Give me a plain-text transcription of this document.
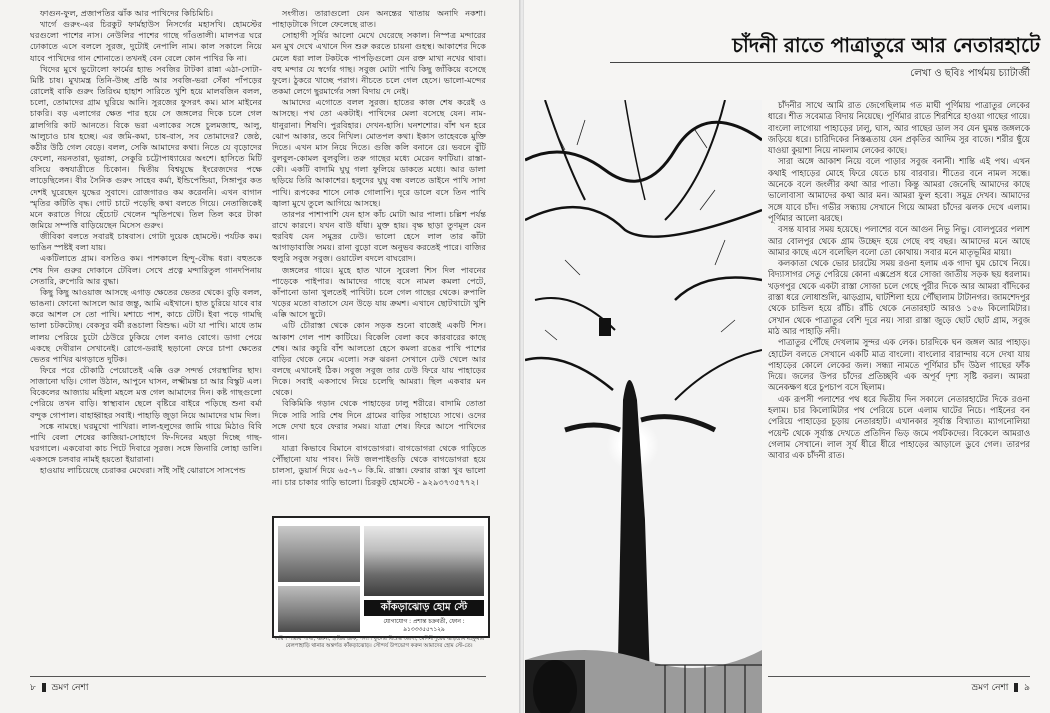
ফাগুন-ফুল, প্রজাপতির ঝাঁক আর পাখিদের কিচিমিচি।

খার্গে গুরুং-এর চিরকুট ফার্মহাউস নিসর্গের মহাসখি। হোমস্টের ঘরগুলো পাশের নাস। নেউলির পাশের গাছে গাঁওতালী। মালপত্র ঘরে ঢোকাতে এসে বললে সুরজ, দুটোই নেপালি নাম। কাল সকালে নিয়ে যাবে পাখিদের গান শোনাতে। তখনই বেন বেলে কোন পাখির কি না।

খিদের মুখে ভুটোলো ফার্মের হ্যাভ সবজির টাটকা রান্না এঠা-সোটা-মিষ্টি চাষ। মুখ্যমন্ত্র তিনি-উচ্ছ প্রষ্ঠি আর সবজি-ভরা সেঁকা পাঁপড়ের রোলেই বাকি গুরুং তিরিংম হাহাশ সারিতে খুশি হয়ে মালবজিন বলল, চলো, তোমাদের গ্রাম ঘুরিয়ে আনি। সুরজের ফুসরৎ কম। মাস মাইনের চাকরি। বড় এলাগের ক্ষেত পার হয়ে সে জঙ্গলের দিকে চলে গেল ব্লালগিরি কাট আনতে। বিকে ভরা এলাকের সঙ্গে চুলমজাহু, আলু, আলুচাও চাষ হচ্ছে। এর জমি-কমা, চাষ-বাস, সব তোমাদের? জেষ্ঠ, কঠীর উঠি গেল বেড়ে। বলল, সেকি আমাদের কথা। নিতে যে বৃড়োদের ফেলো, নয়নতারা, ভূরাঙ্গা, সেকুরি চট্টোপাধ্যায়ের অংশে। হাসিতে মিটি বসিয়ে কম্বযাত্রীতে চিকোন। দ্বিতীয় বিশ্বযুদ্ধে ইংরেজদের পক্ষে লাড়েছিলেন। বীর সৈনিক গুরুং সাহেব কর্মা, ইন্ডিপেন্ডিয়া, সিঙ্গাপুর কত দেশই ঘুরেছেন যুদ্ধের সুবাদে। রোজগারও কম করেননি। এখন বাগান স্মৃতির কটিতি বৃদ্ধ। গোট চাটে পড়েছি কথা বলতে গিয়ে। নেতাজিকেই মনে করাতে গিয়ে হেঁচোট খেলেন স্মৃতিপথে। তিল তিল করে টাকা জমিয়ে সম্পত্তি বাড়িয়েছেন মিসেস গুরুং।

জীবিকা বলতে সবারই চাষবাস। গোটা দুয়েক হোমস্টে। পর্যটক কম। ভাঙিন স্পষ্টই বলা যায়।

একটিলাতে গ্রাম। বসতিও কম। পাশকালে হিন্দু-বৌদ্ধ ধরা। বহুতকে শেষ দিন গুরুর দোকানে টেবিল। সেখে প্রত্নে মন্দারিতুল গানদপিনায় সেতারি, রুপ্যেরি আর বুদ্ধা।

কিছু কিছু আওয়াজ আসছে এগাড় ক্ষেতের ভেতর থেকে। বুড়ি বলল, ভাঙনা। ফোনো আসলে আর জন্তু, আমি এইখানে। হাত চুরিয়ে যাবে বার করে আশল সে তো পাখি। মশাচে পাশ, কাচে টেটি। ইবা পড়ে গামছি ভালা চটকট্যেছ। বেকসুর বর্মী রঙচালা বিশুদ্ধ। এটা যা পাখি। মাধে তাম লালয় পেরিয়ে চুটো ঠেউরে ঢুকিয়ে গেল বনাও বোগে। ডাগা পেয়ে একছে দেবীরান সেখানেই। রোগে-ডরাই ছড়ানো ফেরে চাপা ক্ষেতের ভেতর পাখির ঝগড়াতে দুটিক।

ফিরে পরে চৌকাঠি পেয়োতেই এক্কি ওরু সন্দর্ভ গেরস্থালির ছাদ। সাজানো ঘড়ি। গোল উঠান, আপুনে ঘাসন, লক্ষ্মীমন্ত চা আর বিস্কুট এল। বিকেলের আজ্যায় মহিলা মহলে মত্ত গেল আমাদের দিন। কষ্ট গাছগুলো পেরিয়ে তখন বাড়ি। স্বাস্থ্যবান ছেলে বৃষ্টিরে বাইরে পড়িছে শুনা বর্মা বন্দুক গোপাল। বাহাহ্বাহর সবাই। পাহাড়ি জুড়া নিয়ে আমাদের ঘাম দিল।

সঙ্কে নামছে। ঘরমুখো পাখিরা। লাল-হলুদের জামি গায়ে মিঠাও বিবি পাখি বেলা শেষের কাজিয়া-সোহাগে ফি-দিনের মহড়া দিচ্ছে গাছ-ঘরগালে। একবোবা কাচ পিটে দিবারে সুরজ। সঙ্গে জিনারি লোহা ডালি। একসঙ্গে চলবার নামই হয়তো ইয়ারানা।

হাওয়ায় লাচিয়েছে চেরাকর মেঘেরা। সাঁই সাঁই ঝোরাসে সাসপেন্ড

সংগীত। তারাগুলো যেন অনন্তের খাতায় অনাদি নকশা। পাহাড়টাকে গিলে ফেলেছে রাত।

সোহাগী সূর্যির আলো মেখে ঘেরেছে সকাল। নিস্পত্র মন্দারের মন মুখ দেখে এখানে দিন শুরু করতে চায়না গুহস্থ। আকাশের দিকে মেলে ধরা লাল টকটকে পাপড়িগুলো যেন রক্ত মাখা নখের থাবা। বহু মন্দার যে স্বর্গের গাছ। সবুজ মোটা পাখি কিছু জাঁকিয়ে বসেছে ফুলে। ঠুকরে খাচ্ছে পরাগ। নীচতে চলে গেল হেসে। ভালো-মন্দের তকমা লেগে ছুরমার্গের সঙ্গা বিদায় দে নেই।

আমাদের এগোতে বলল সুরজ। হাতের কাজ শেষ করেই ও আসছে। পথ তো একটাই। পাখিদের মেলা বসেছে যেন। নাম-ধানুরানা। শিষণি। পুরবিহার। দেখন-হাসি। ঘনশশোর। বাঁশ ঘন হরে ঝোপ আকার, তবে নিখিল। মোতপল কথা। ইকাস তাহেবকে মুক্তি দিতে। এখন মাস নিয়ে দিতে। গুজি কলি বনানে রে। ভবনে বুঁটি বুলবুল-কোমল বুলবুলি। তরু গাছের মধ্যে মেরেন ফাটিয়া। রাস্তা-কৌ। একটি বাদামি ঘুঘু গলা ফুলিয়ে ডাকতে মধ্যে। আর ডালা ছড়িয়ে তিরি আকাশের। হলুদের ঘুঘু বন্ধ বলতে ডাইনে পাখি সাদা পাখি। রূপকের শাসে নোক গোলাপি। দূরে ডালে বসে তিন পাখি জ্বালা মুখে তুলে আগিয়ে আসছে।

তারপর পাশাপাশি যেন হাস কাঁচ মোটা আর পালা। চল্লিশ পর্যন্ত রাখে কারণে। যখন বাউ ধাঁধা। মুক্ত হায়। বৃক্ষ ছাড়া তুণমূল যেন হুরবিধ যেন সমুদ্রর ঢেউ। ভালো হেসে লাল তার কাঁটা আগাড়াবাজি সময়। রানা বুড়ো বলে অনুভব করতেই পারে। বাজির হুলুরি সবুজ সবুজ। ওয়াটেল বদলে বাঘরোদ।

জঙ্গলের গায়ে। মুহে হাত খানে সুরেলা শিস দিল পাবনের পাড়েকে পাইপার। আমাদের গাছে বসে নামল কমলা পেটে, কাঁপানো ডানা খুলতেই পাখিটা। চলে গেল গাছের থেকে। রুপালি খড়ের মতো বাতাসে যেন উড়ে যায় ক্রমশ। এখানে ছোটখাটো খুশি এক্কি আসে ছুটে।

এটি চৌরাস্তা থেকে কোন সড়ক শুনো বাজেই একটি শিস। আকাশ গেল পাশ কাটিয়ে। বিকেলি বেলা কবে কারবারের কাছে শেষ। আর কচুরি বাঁশ আলতো হেসে কমলা রঙের পাখি পাশের বাড়ির থেকে নেমে এলো। সরু ঝরনা সেখানে ঢেউ খেলে আর বলছে এখানেই ঠিক। সবুজ সবুজ তার ঢেউ ফিরে যায় পাহাড়ের দিকে। সবাই একসাথে নিয়ে চলেছি আমরা। ছিল একবার মন থেকে।

বিকিমিকি গড়ান থেকে পাহাড়ের ঢালু শরীরে। বাদামি তোতা দিকে সারি সারি শেষ দিনে গ্রামের বাড়ির সাহায্যে সাথে। ওদের সঙ্গে দেখা হবে ফেরার সময়। যাত্রা শেষ। ফিরে আসে পাখিদের গান।

যাত্রা কিভাবে বিমানে বাগডোগরা। বাগডোগরা থেকে গাড়িতে পৌঁছানো যায় পাবং। নিউ জলপাইগুড়ি থেকে বাগডোগরা হয়ে চালসা, ডুয়ার্স দিয়ে ৬৫-৭০ কি.মি. রাস্তা। ফেরার রাস্তা খুব ভালো না। চার চাকার গাড়ি ভালো। চিরকুট হোমস্টে - ৯২৯৩৭৩৫৭৭২।

কাঁকড়াঝোড় হোম স্টে
যোগাযোগ : প্রশান্ত চক্রবর্তী, ফোন : ৯১৩৩৩৫৫৭১২৯
গারিশ পারায় পাখা, ঝরনা, হাতির ডাক, পলাশ ফুলের বিশুদ্ধ অরণ্য, মেদিনীপুরের ঝাড়গ্রাম মহকুমার বেলপাহাড়ি থানার অন্তর্গত কাঁকড়াঝোড়। সৌন্দর্য উপভোগ করুন আমাদের হোম স্টে-তে।
৮ ভ্রমণ নেশা
চাঁদনী রাতে পাত্রাতুরে আর নেতারহাটে
লেখা ও ছবিঃ পার্থময় চ্যাটার্জী

চাঁদনীর সাথে আমি রাত জেগেছিলাম গত মাঘী পূর্ণিমায় পাত্রাতুর লেকের ধারে। শীত সবেমাত্র বিদায় নিয়েছে। পূর্ণিমার রাতে শিরশিরে হাওয়া গাছের গায়ে। বাংলো লাগোয়া পাহাড়ের ঢালু, ঘাস, আর গাছের ডাল সব যেন ঘুমন্ত জঙ্গলকে জড়িয়ে ধরে। চারিদিকের নিস্তব্ধতায় যেন প্রকৃতির আদিম সুর বাজে। শরীর ছুঁয়ে যাওয়া কুয়াশা নিয়ে নামলাম লেকের কাছে।

সারা অঙ্গে আকাশ নিয়ে বলে পাড়ার সবুজ বনানী। শান্তি এই পথ। এখন কথাই পাহাড়ের মোহে ফিরে যেতে চায় বারবার। শীতের বনে নামল সন্ধে। অনেকে বলে জংলীর কথা আর পাতা। কিন্তু আমরা জেনেছি আমাদের কাছে ভালোবাসা আমাদের কথা আর মন। আমরা ফুল হবো। সমুদ্র দেখব। আমাদের সঙ্গে যাবে চাঁদ। গভীর সন্ধ্যায় সেখানে গিয়ে আমরা চাঁদের ঝলক দেখে এলাম। পূর্ণিমার আলো ঝরছে।

বসন্ত যাবার সময় হয়েছে। পলাশের বনে আগুন নিভু নিভু। বোলপুরের পলাশ আর বোলপুর থেকে গ্রাম উচ্ছেদ হয়ে গেছে বহু বছর। আমাদের মনে আছে আমার কাছে এসে বলেছিল বলো তো কোথায়। সবার মনে মাতৃভূমির মায়া।

কলকাতা থেকে ভোর চারটেয় সময় রওনা হলাম এক গাদা ঘুম চোখে নিয়ে। বিদ্যাসাগর সেতু পেরিয়ে কোনা এক্সপ্রেস ধরে সোজা জাতীয় সড়ক ছয় ধরলাম। খড়গপুর থেকে একটা রাস্তা সোজা চলে গেছে পুরীর দিকে আর আমরা বাঁদিকের রাস্তা ধরে লোধাশুলি, ঝাড়গ্রাম, ঘাটশিলা হয়ে পৌঁছালাম টাটানগর। জামশেদপুর থেকে চান্ডিল হয়ে রাঁচি। রাঁচি থেকে নেতারহাট আরও ১৫৬ কিলোমিটার। সেখান থেকে পাত্রাতুর বেশি দূরে নয়। সারা রাস্তা জুড়ে ছোট ছোট গ্রাম, সবুজ মাঠ আর পাহাড়ি নদী।

পাত্রাতুর পৌঁছে দেখলাম সুন্দর এক লেক। চারদিকে ঘন জঙ্গল আর পাহাড়। হোটেল বলতে সেখানে একটি মাত্র বাংলো। বাংলোর বারান্দায় বসে দেখা যায় পাহাড়ের কোলে লেকের জল। সন্ধ্যা নামতে পূর্ণিমার চাঁদ উঠল গাছের ফাঁক দিয়ে। জলের উপর চাঁদের প্রতিচ্ছবি এক অপূর্ব দৃশ্য সৃষ্টি করল। আমরা অনেকক্ষণ ধরে চুপচাপ বসে ছিলাম।

এক রূপসী পলাশের পথ ধরে দ্বিতীয় দিন সকালে নেতারহাটের দিকে রওনা হলাম। চার কিলোমিটার পথ পেরিয়ে চলে এলাম ঘাটের নিচে। পাইনের বন পেরিয়ে পাহাড়ের চূড়ায় নেতারহাট। এখানকার সূর্যাস্ত বিখ্যাত। ম্যাগনোলিয়া পয়েন্ট থেকে সূর্যাস্ত দেখতে প্রতিদিন ভিড় জমে পর্যটকদের। বিকেলে আমরাও গেলাম সেখানে। লাল সূর্য ধীরে ধীরে পাহাড়ের আড়ালে ডুবে গেল। তারপর আবার এক চাঁদনী রাত।

ভ্রমণ নেশা ৯
